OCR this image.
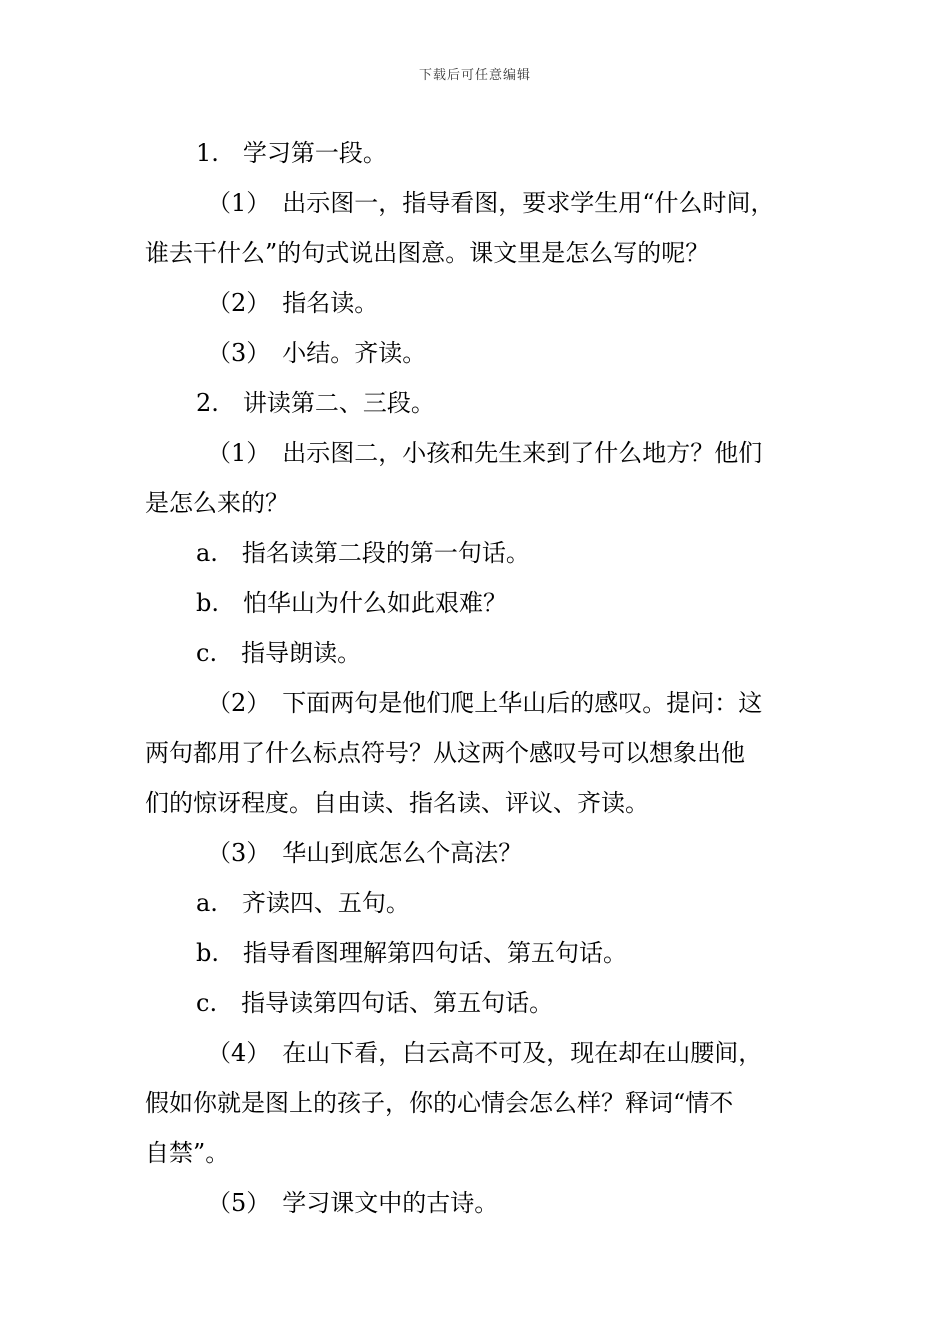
下载后可任意编辑
1.　学习第一段。
（1）　出示图一，指导看图，要求学生用“什么时间，
谁去干什么”的句式说出图意。课文里是怎么写的呢？
（2）　指名读。
（3）　小结。齐读。
2.　讲读第二、三段。
（1）　出示图二，小孩和先生来到了什么地方？他们
是怎么来的？
a.　指名读第二段的第一句话。
b.　怕华山为什么如此艰难？
c.　指导朗读。
（2）　下面两句是他们爬上华山后的感叹。提问：这
两句都用了什么标点符号？从这两个感叹号可以想象出他
们的惊讶程度。自由读、指名读、评议、齐读。
（3）　华山到底怎么个高法？
a.　齐读四、五句。
b.　指导看图理解第四句话、第五句话。
c.　指导读第四句话、第五句话。
（4）　在山下看，白云高不可及，现在却在山腰间，
假如你就是图上的孩子，你的心情会怎么样？释词“情不
自禁”。
（5）　学习课文中的古诗。
